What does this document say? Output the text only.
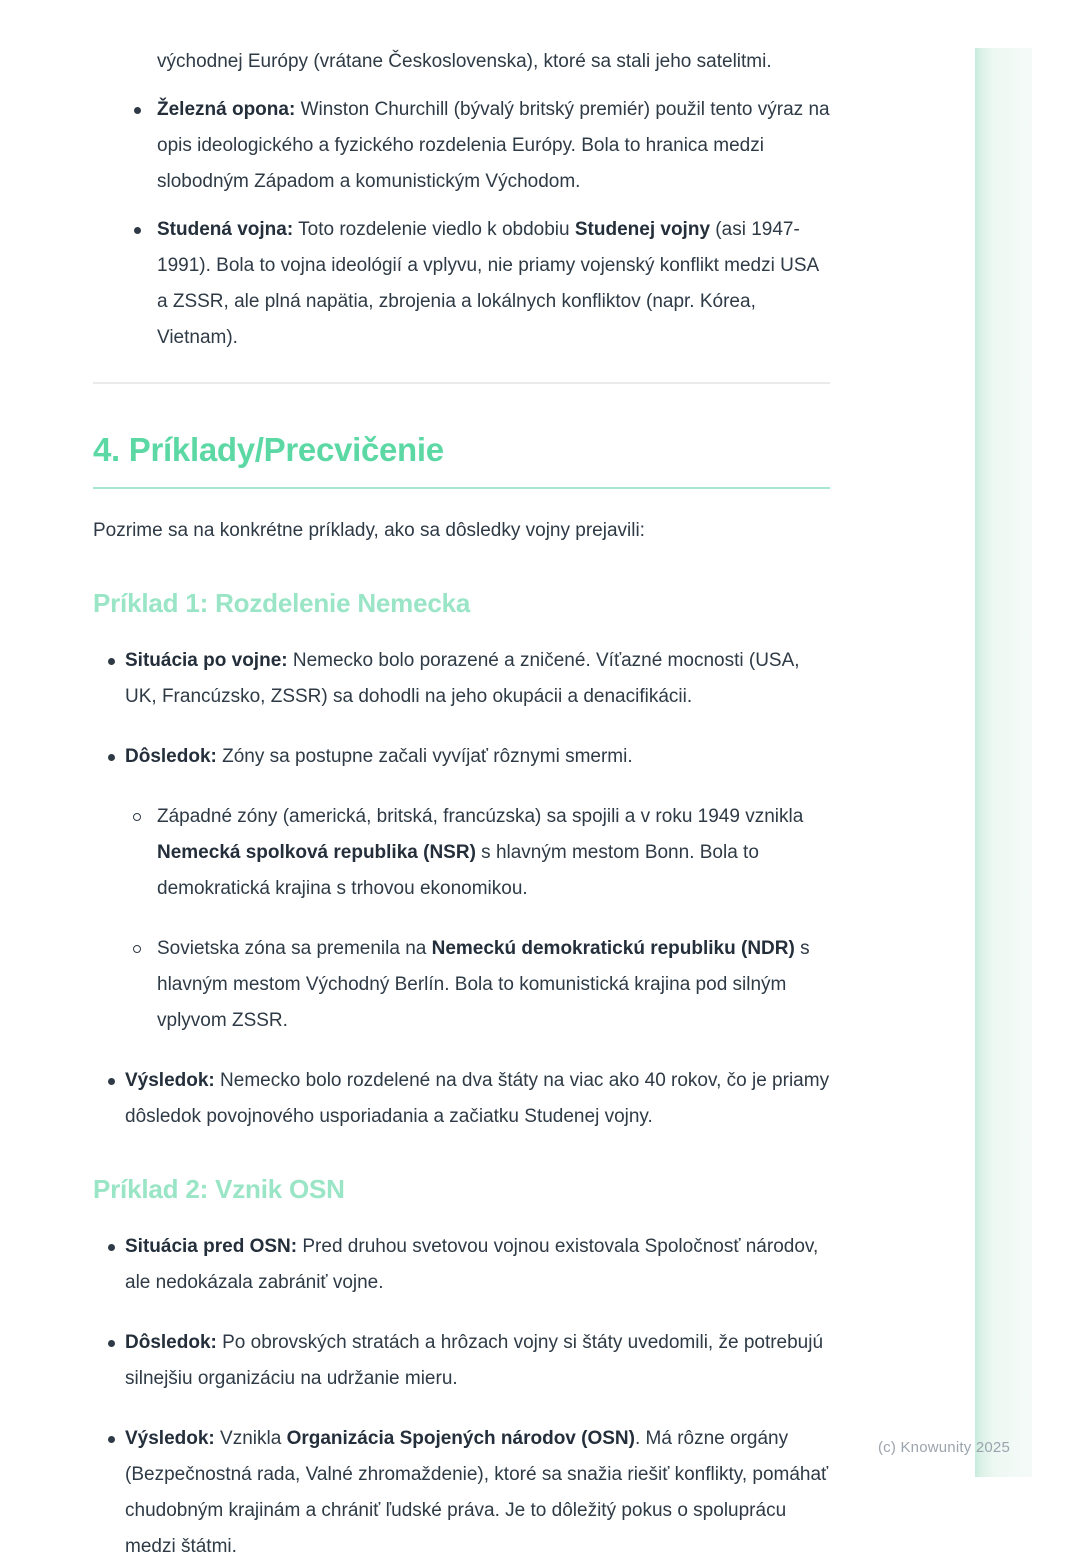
východnej Európy (vrátane Československa), ktoré sa stali jeho satelitmi.
Železná opona: Winston Churchill (bývalý britský premiér) použil tento výraz na opis ideologického a fyzického rozdelenia Európy. Bola to hranica medzi slobodným Západom a komunistickým Východom.
Studená vojna: Toto rozdelenie viedlo k obdobiu Studenej vojny (asi 1947-1991). Bola to vojna ideológií a vplyvu, nie priamy vojenský konflikt medzi USA a ZSSR, ale plná napätia, zbrojenia a lokálnych konfliktov (napr. Kórea, Vietnam).
4. Príklady/Precvičenie
Pozrime sa na konkrétne príklady, ako sa dôsledky vojny prejavili:
Príklad 1: Rozdelenie Nemecka
Situácia po vojne: Nemecko bolo porazené a zničené. Víťazné mocnosti (USA, UK, Francúzsko, ZSSR) sa dohodli na jeho okupácii a denacifikácii.
Dôsledok: Zóny sa postupne začali vyvíjať rôznymi smermi.
Západné zóny (americká, britská, francúzska) sa spojili a v roku 1949 vznikla Nemecká spolková republika (NSR) s hlavným mestom Bonn. Bola to demokratická krajina s trhovou ekonomikou.
Sovietska zóna sa premenila na Nemeckú demokratickú republiku (NDR) s hlavným mestom Východný Berlín. Bola to komunistická krajina pod silným vplyvom ZSSR.
Výsledok: Nemecko bolo rozdelené na dva štáty na viac ako 40 rokov, čo je priamy dôsledok povojnového usporiadania a začiatku Studenej vojny.
Príklad 2: Vznik OSN
Situácia pred OSN: Pred druhou svetovou vojnou existovala Spoločnosť národov, ale nedokázala zabrániť vojne.
Dôsledok: Po obrovských stratách a hrôzach vojny si štáty uvedomili, že potrebujú silnejšiu organizáciu na udržanie mieru.
Výsledok: Vznikla Organizácia Spojených národov (OSN). Má rôzne orgány (Bezpečnostná rada, Valné zhromaždenie), ktoré sa snažia riešiť konflikty, pomáhať chudobným krajinám a chrániť ľudské práva. Je to dôležitý pokus o spoluprácu medzi štátmi.
(c) Knowunity 2025
